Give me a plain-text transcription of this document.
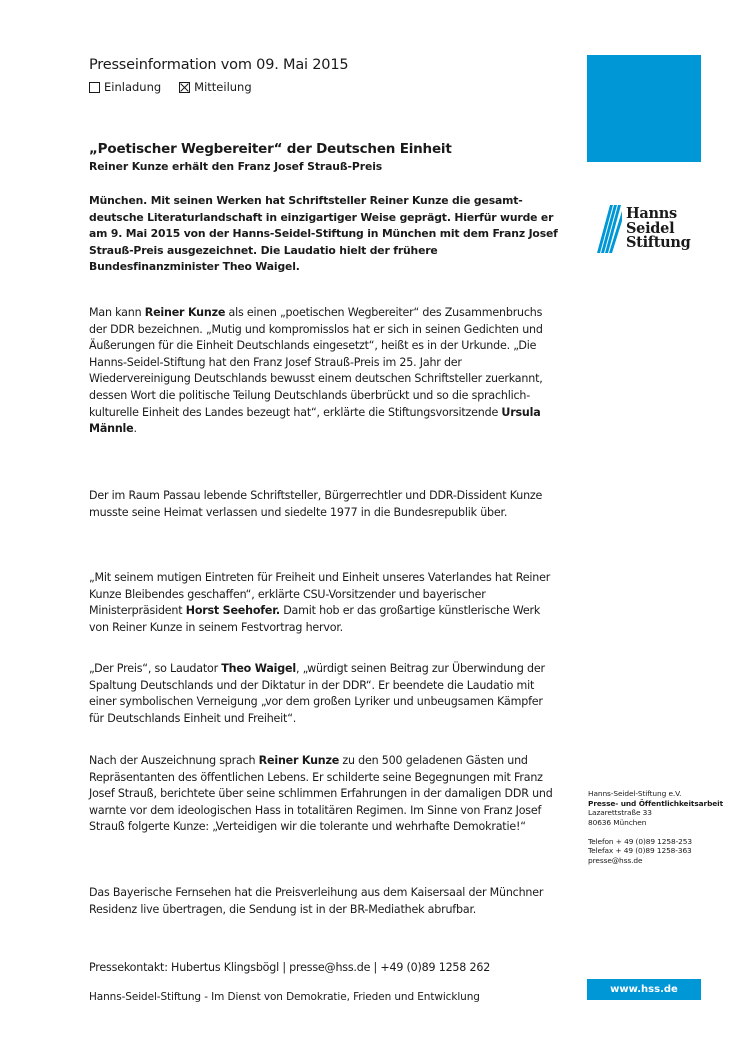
Presseinformation vom 09. Mai 2015
Einladung	Mitteilung
„Poetischer Wegbereiter“ der Deutschen Einheit
Reiner Kunze erhält den Franz Josef Strauß-Preis
München. Mit seinen Werken hat Schriftsteller Reiner Kunze die gesamt-deutsche Literaturlandschaft in einzigartiger Weise geprägt. Hierfür wurde er am 9. Mai 2015 von der Hanns-Seidel-Stiftung in München mit dem Franz Josef Strauß-Preis ausgezeichnet. Die Laudatio hielt der frühere Bundesfinanzminister Theo Waigel.
Man kann Reiner Kunze als einen „poetischen Wegbereiter“ des Zusammenbruchs der DDR bezeichnen. „Mutig und kompromisslos hat er sich in seinen Gedichten und Äußerungen für die Einheit Deutschlands eingesetzt“, heißt es in der Urkunde. „Die Hanns-Seidel-Stiftung hat den Franz Josef Strauß-Preis im 25. Jahr der Wiedervereinigung Deutschlands bewusst einem deutschen Schriftsteller zuerkannt, dessen Wort die politische Teilung Deutschlands überbrückt und so die sprachlich-kulturelle Einheit des Landes bezeugt hat“, erklärte die Stiftungsvorsitzende Ursula Männle.
Der im Raum Passau lebende Schriftsteller, Bürgerrechtler und DDR-Dissident Kunze musste seine Heimat verlassen und siedelte 1977 in die Bundesrepublik über.
„Mit seinem mutigen Eintreten für Freiheit und Einheit unseres Vaterlandes hat Reiner Kunze Bleibendes geschaffen“, erklärte CSU-Vorsitzender und bayerischer Ministerpräsident Horst Seehofer. Damit hob er das großartige künstlerische Werk von Reiner Kunze in seinem Festvortrag hervor.
„Der Preis“, so Laudator Theo Waigel, „würdigt seinen Beitrag zur Überwindung der Spaltung Deutschlands und der Diktatur in der DDR“. Er beendete die Laudatio mit einer symbolischen Verneigung „vor dem großen Lyriker und unbeugsamen Kämpfer für Deutschlands Einheit und Freiheit“.
Nach der Auszeichnung sprach Reiner Kunze zu den 500 geladenen Gästen und Repräsentanten des öffentlichen Lebens. Er schilderte seine Begegnungen mit Franz Josef Strauß, berichtete über seine schlimmen Erfahrungen in der damaligen DDR und warnte vor dem ideologischen Hass in totalitären Regimen. Im Sinne von Franz Josef Strauß folgerte Kunze: „Verteidigen wir die tolerante und wehrhafte Demokratie!“
Das Bayerische Fernsehen hat die Preisverleihung aus dem Kaisersaal der Münchner Residenz live übertragen, die Sendung ist in der BR-Mediathek abrufbar.
Pressekontakt: Hubertus Klingsbögl | presse@hss.de | +49 (0)89 1258 262
Hanns-Seidel-Stiftung - Im Dienst von Demokratie, Frieden und Entwicklung
Hanns
Seidel
Stiftung
Hanns-Seidel-Stiftung e.V.
Presse- und Öffentlichkeitsarbeit
Lazarettstraße 33
80636 München
Telefon + 49 (0)89 1258-253
Telefax + 49 (0)89 1258-363
presse@hss.de
www.hss.de
